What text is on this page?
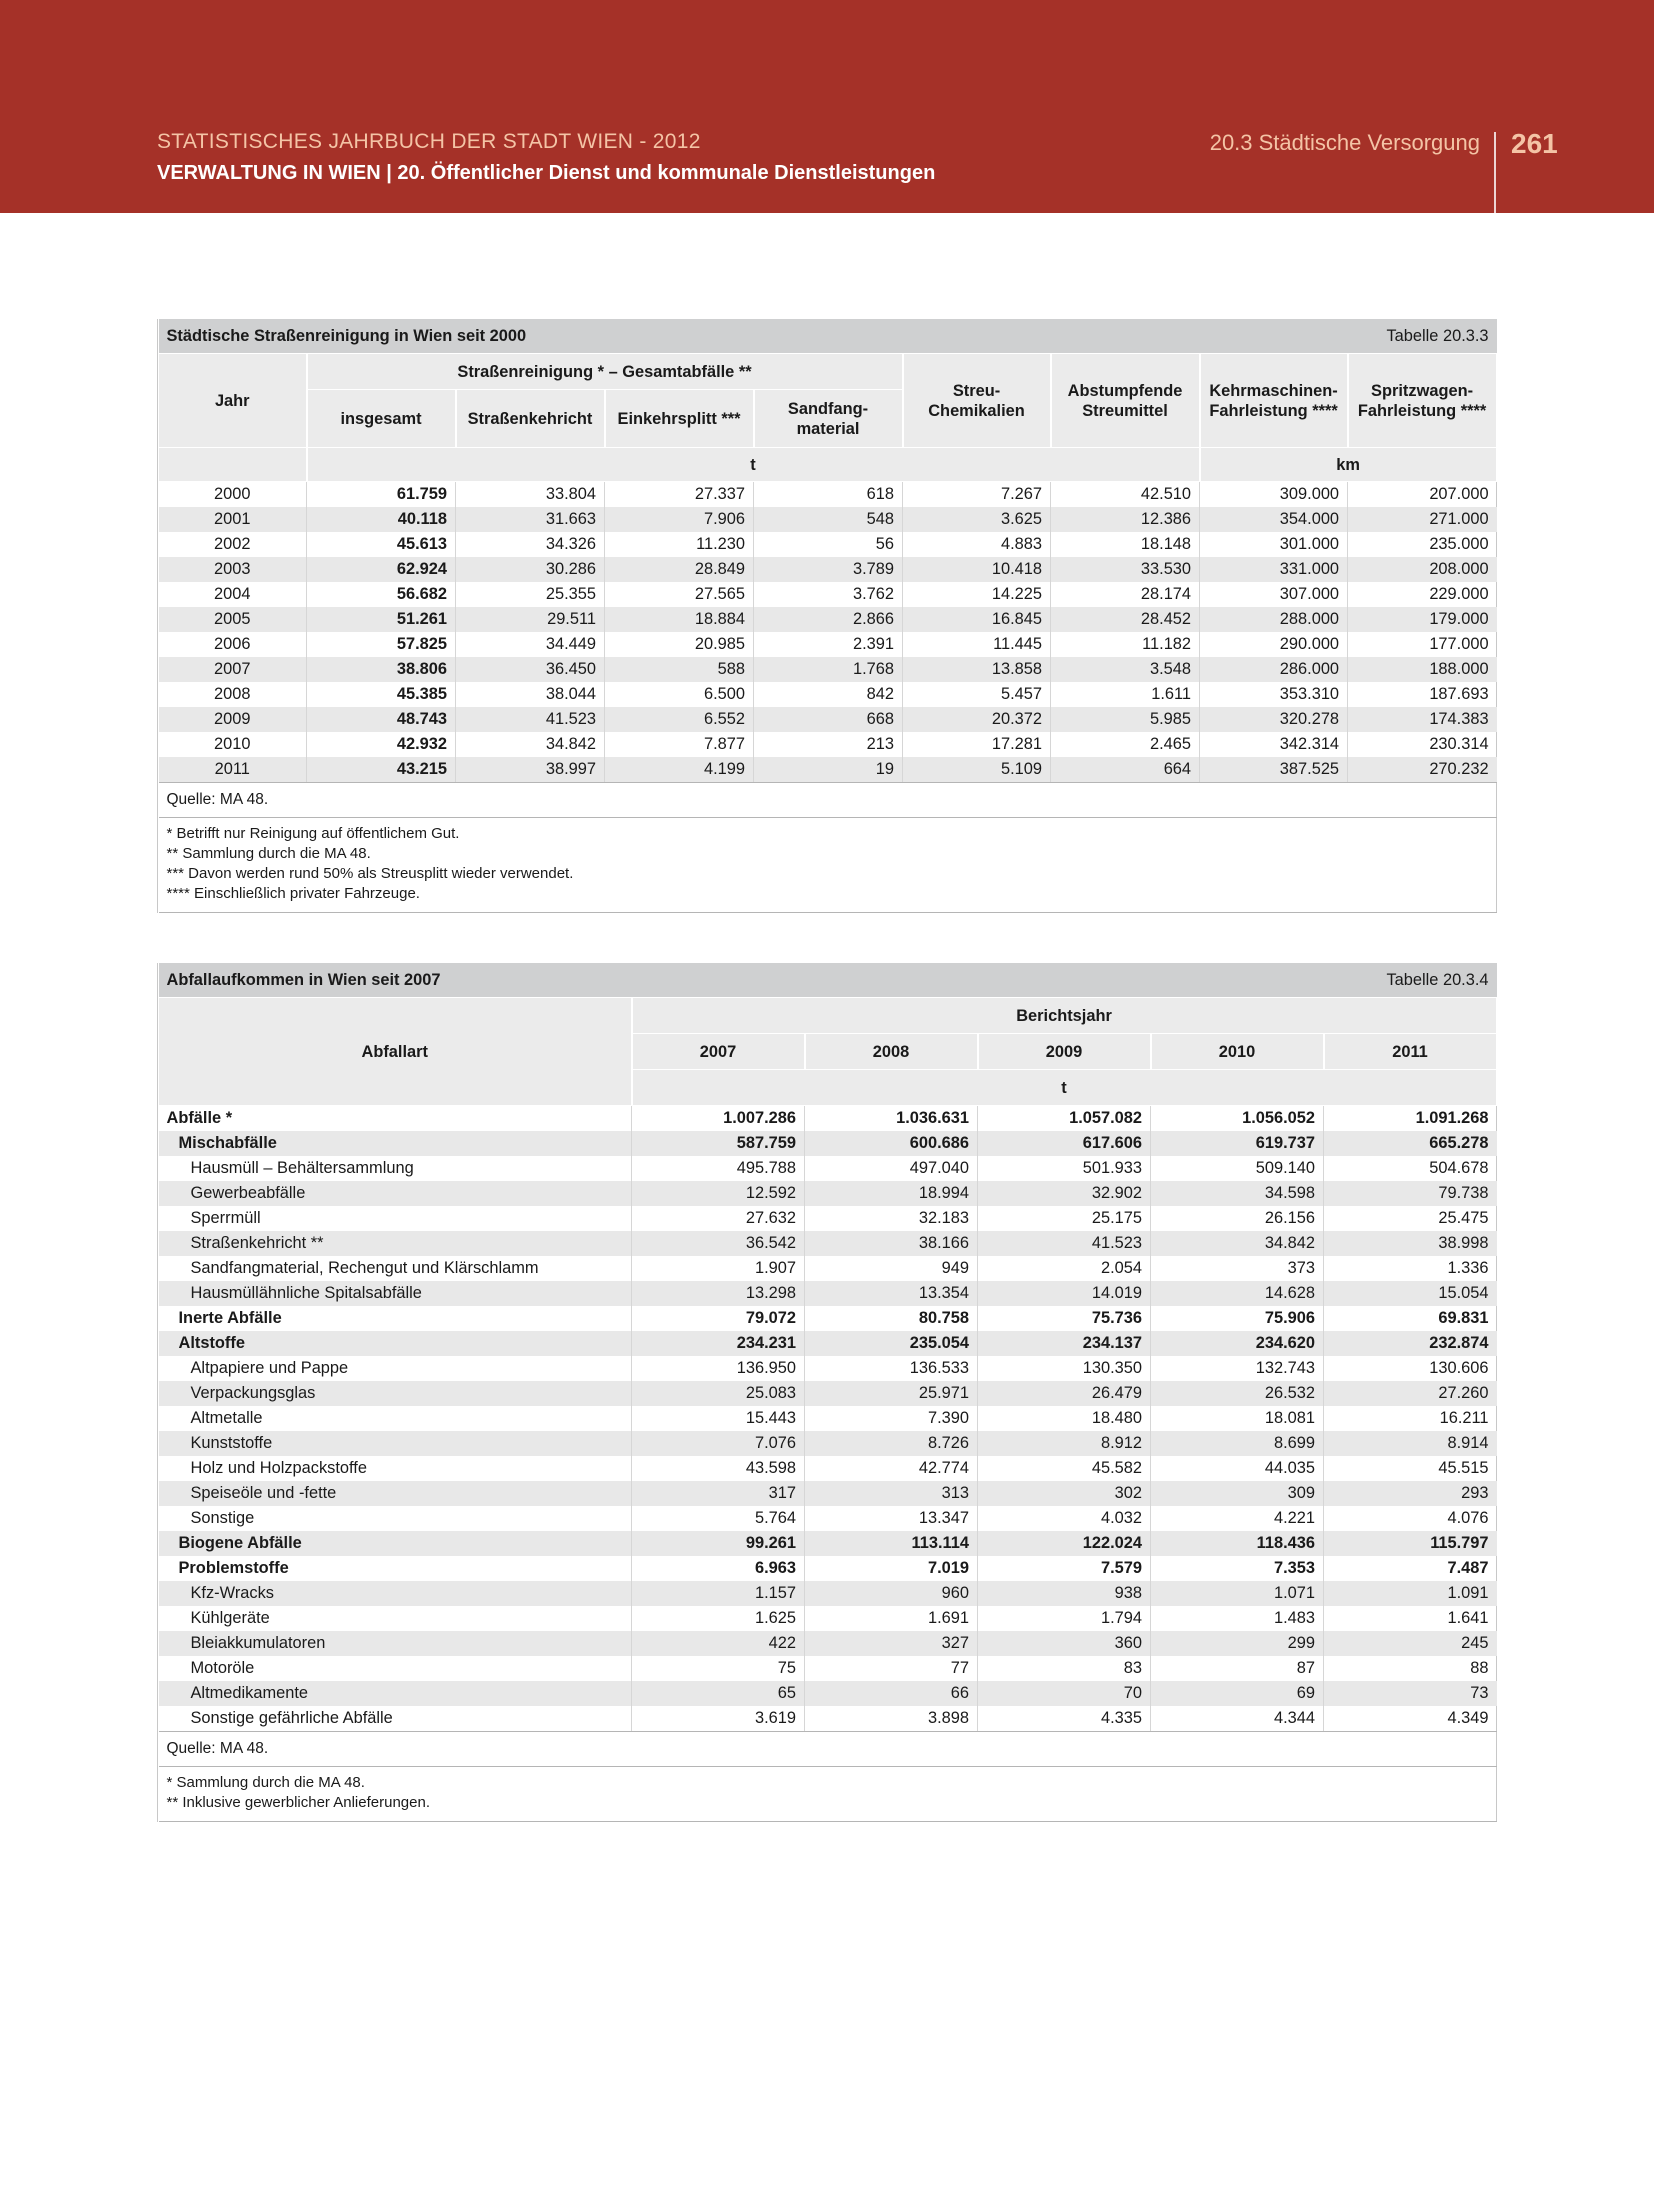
STATISTISCHES JAHRBUCH DER STADT WIEN - 2012
VERWALTUNG IN WIEN | 20. Öffentlicher Dienst und kommunale Dienstleistungen
20.3 Städtische Versorgung 261
Städtische Straßenreinigung in Wien seit 2000							Tabelle 20.3.3	
Jahr	Straßenreinigung * – Gesamtabfälle **				Streu-Chemikalien	Abstumpfende Streumittel	Kehrmaschinen-Fahrleistung ****	Spritzwagen-Fahrleistung ****
	insgesamt	Straßenkehricht	Einkehrsplitt ***	Sandfang-material				
	t						km	
2000	61.759	33.804	27.337	618	7.267	42.510	309.000	207.000
2001	40.118	31.663	7.906	548	3.625	12.386	354.000	271.000
2002	45.613	34.326	11.230	56	4.883	18.148	301.000	235.000
2003	62.924	30.286	28.849	3.789	10.418	33.530	331.000	208.000
2004	56.682	25.355	27.565	3.762	14.225	28.174	307.000	229.000
2005	51.261	29.511	18.884	2.866	16.845	28.452	288.000	179.000
2006	57.825	34.449	20.985	2.391	11.445	11.182	290.000	177.000
2007	38.806	36.450	588	1.768	13.858	3.548	286.000	188.000
2008	45.385	38.044	6.500	842	5.457	1.611	353.310	187.693
2009	48.743	41.523	6.552	668	20.372	5.985	320.278	174.383
2010	42.932	34.842	7.877	213	17.281	2.465	342.314	230.314
2011	43.215	38.997	4.199	19	5.109	664	387.525	270.232
Quelle: MA 48.								

* Betrifft nur Reinigung auf öffentlichem Gut.
** Sammlung durch die MA 48.
*** Davon werden rund 50% als Streusplitt wieder verwendet.
**** Einschließlich privater Fahrzeuge.								
Abfallaufkommen in Wien seit 2007				Tabelle 20.3.4	
Abfallart	Berichtsjahr				
	2007	2008	2009	2010	2011
	t				
Abfälle *	1.007.286	1.036.631	1.057.082	1.056.052	1.091.268
Mischabfälle	587.759	600.686	617.606	619.737	665.278
Hausmüll – Behältersammlung	495.788	497.040	501.933	509.140	504.678
Gewerbeabfälle	12.592	18.994	32.902	34.598	79.738
Sperrmüll	27.632	32.183	25.175	26.156	25.475
Straßenkehricht **	36.542	38.166	41.523	34.842	38.998
Sandfangmaterial, Rechengut und Klärschlamm	1.907	949	2.054	373	1.336
Hausmüllähnliche Spitalsabfälle	13.298	13.354	14.019	14.628	15.054
Inerte Abfälle	79.072	80.758	75.736	75.906	69.831
Altstoffe	234.231	235.054	234.137	234.620	232.874
Altpapiere und Pappe	136.950	136.533	130.350	132.743	130.606
Verpackungsglas	25.083	25.971	26.479	26.532	27.260
Altmetalle	15.443	7.390	18.480	18.081	16.211
Kunststoffe	7.076	8.726	8.912	8.699	8.914
Holz und Holzpackstoffe	43.598	42.774	45.582	44.035	45.515
Speiseöle und -fette	317	313	302	309	293
Sonstige	5.764	13.347	4.032	4.221	4.076
Biogene Abfälle	99.261	113.114	122.024	118.436	115.797
Problemstoffe	6.963	7.019	7.579	7.353	7.487
Kfz-Wracks	1.157	960	938	1.071	1.091
Kühlgeräte	1.625	1.691	1.794	1.483	1.641
Bleiakkumulatoren	422	327	360	299	245
Motoröle	75	77	83	87	88
Altmedikamente	65	66	70	69	73
Sonstige gefährliche Abfälle	3.619	3.898	4.335	4.344	4.349
Quelle: MA 48.					

* Sammlung durch die MA 48.
** Inklusive gewerblicher Anlieferungen.					
